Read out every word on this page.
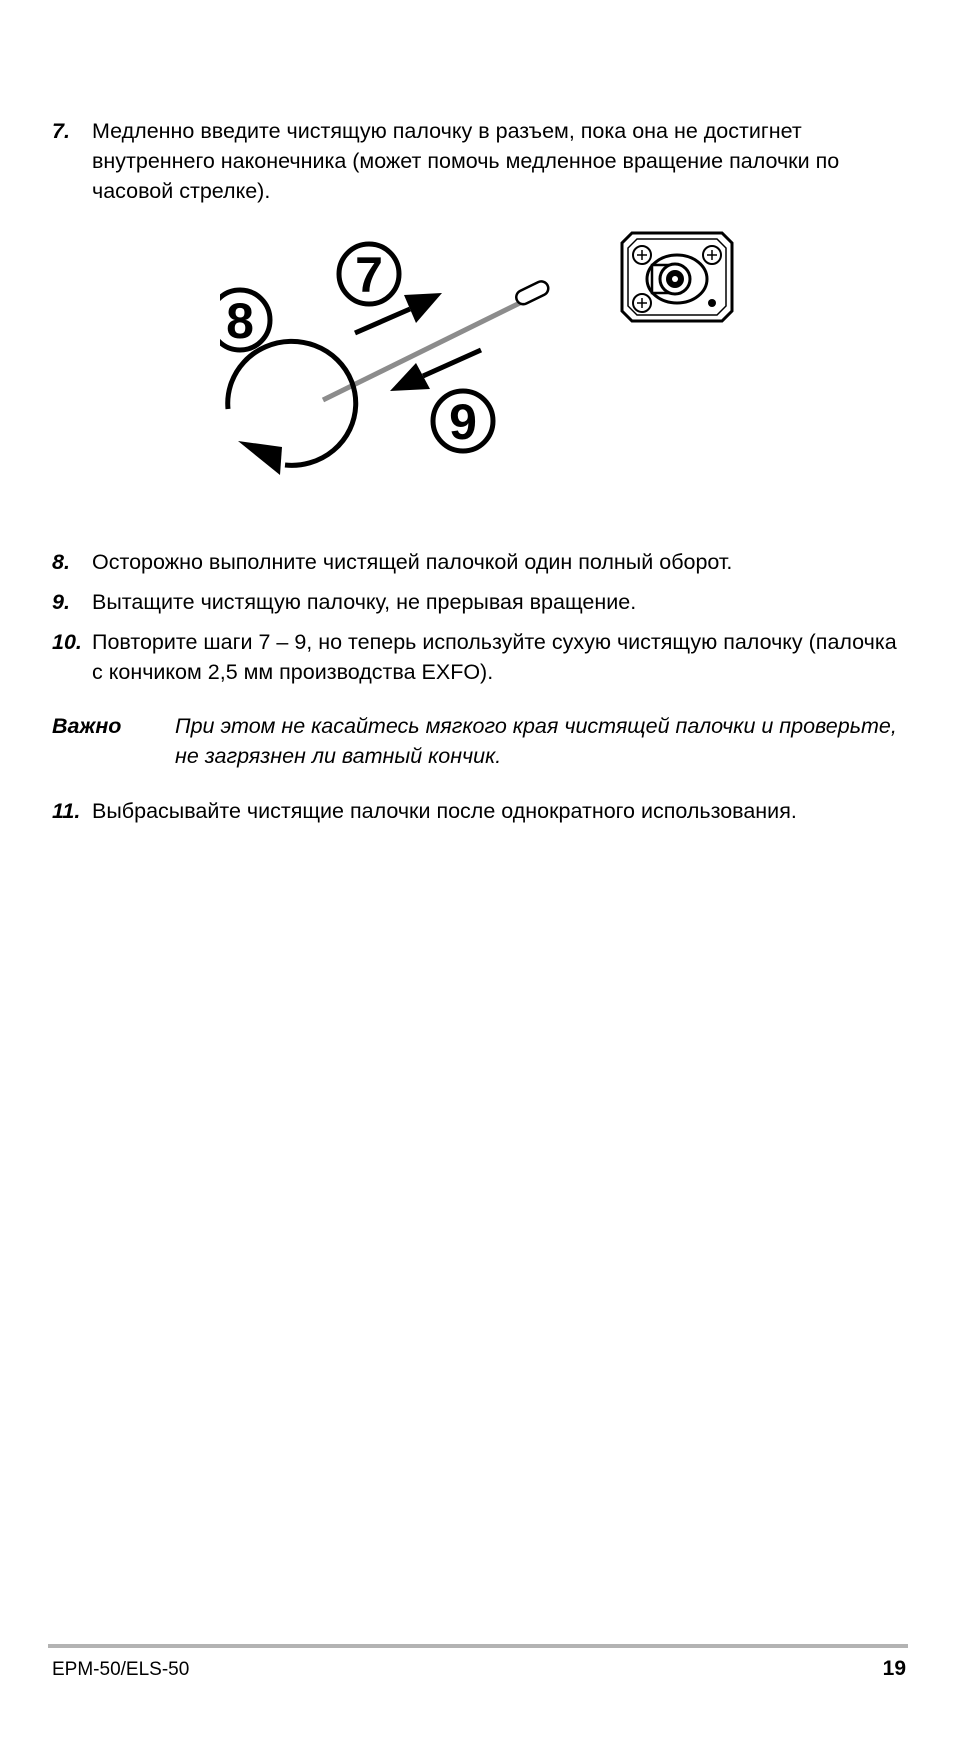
7. Медленно введите чистящую палочку в разъем, пока она не достигнет внутреннего наконечника (может помочь медленное вращение палочки по часовой стрелке).
8
7
9
8. Осторожно выполните чистящей палочкой один полный оборот.
9. Вытащите чистящую палочку, не прерывая вращение.
10. Повторите шаги 7 – 9, но теперь используйте сухую чистящую палочку (палочка с кончиком 2,5 мм производства EXFO).
Важно При этом не касайтесь мягкого края чистящей палочки и проверьте, не загрязнен ли ватный кончик.
11. Выбрасывайте чистящие палочки после однократного использования.
EPM-50/ELS-50	19
